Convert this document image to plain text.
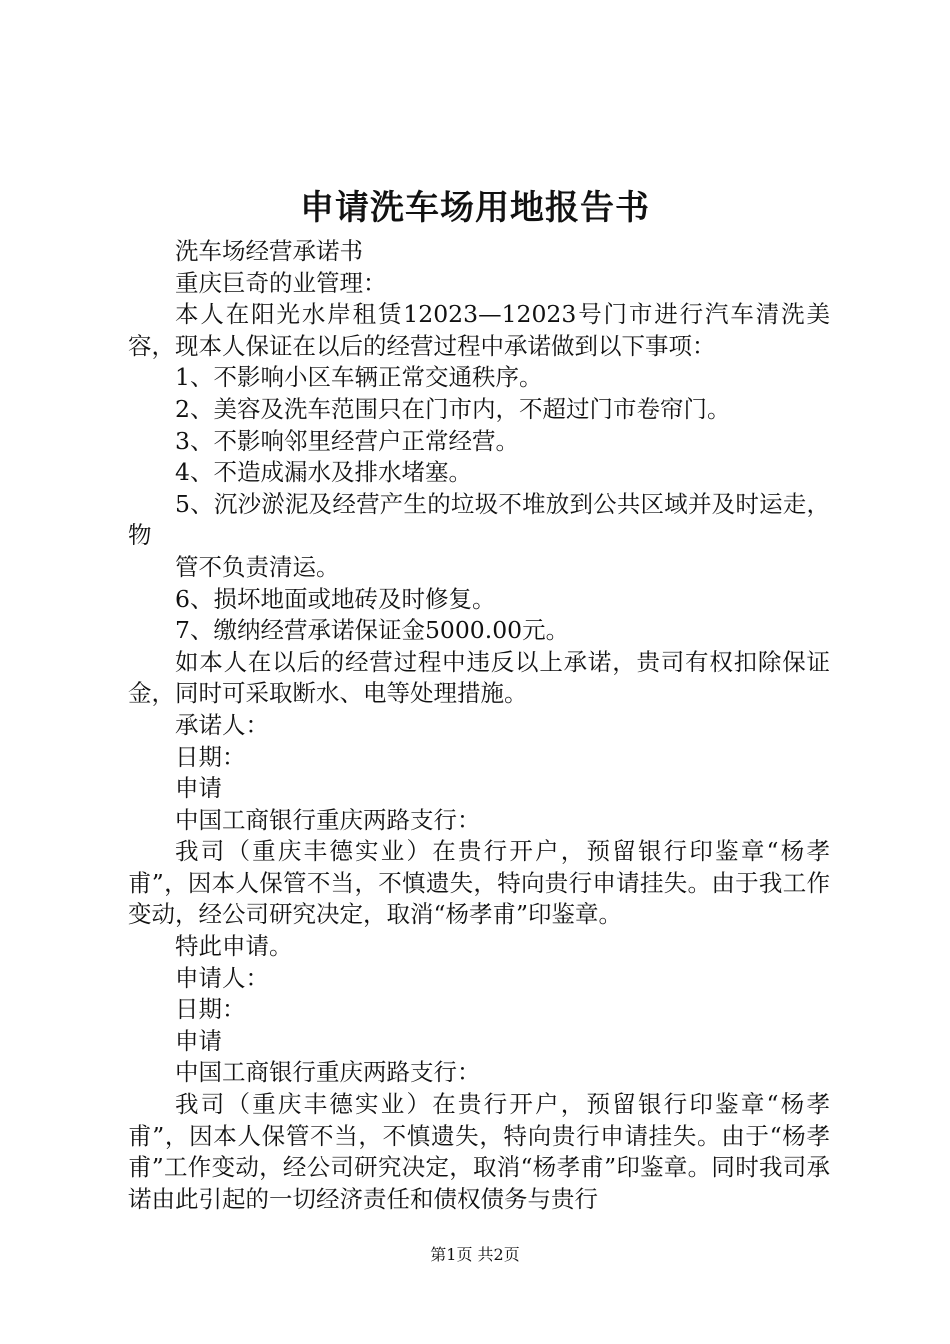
申请洗车场用地报告书

洗车场经营承诺书

重庆巨奇的业管理：

本人在阳光水岸租赁12023—12023号门市进行汽车清洗美容，现本人保证在以后的经营过程中承诺做到以下事项：

1、不影响小区车辆正常交通秩序。

2、美容及洗车范围只在门市内，不超过门市卷帘门。

3、不影响邻里经营户正常经营。

4、不造成漏水及排水堵塞。

5、沉沙淤泥及经营产生的垃圾不堆放到公共区域并及时运走，物

管不负责清运。

6、损坏地面或地砖及时修复。

7、缴纳经营承诺保证金5000.00元。

如本人在以后的经营过程中违反以上承诺，贵司有权扣除保证金，同时可采取断水、电等处理措施。

承诺人：

日期：

申请

中国工商银行重庆两路支行：

我司（重庆丰德实业）在贵行开户，预留银行印鉴章“杨孝甫”，因本人保管不当，不慎遗失，特向贵行申请挂失。由于我工作变动，经公司研究决定，取消“杨孝甫”印鉴章。

特此申请。

申请人：

日期：

申请

中国工商银行重庆两路支行：

我司（重庆丰德实业）在贵行开户，预留银行印鉴章“杨孝甫”，因本人保管不当，不慎遗失，特向贵行申请挂失。由于“杨孝甫”工作变动，经公司研究决定，取消“杨孝甫”印鉴章。同时我司承诺由此引起的一切经济责任和债权债务与贵行

第1页 共2页
